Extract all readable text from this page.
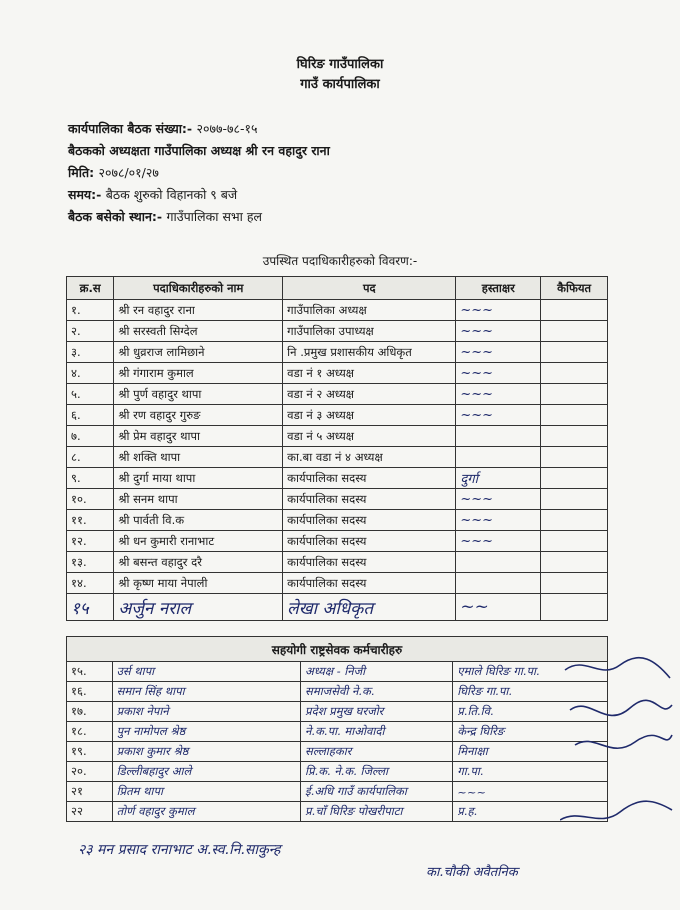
घिरिङ गाउँपालिका
गाउँ कार्यपालिका
कार्यपालिका बैठक संख्या:- २०७७-७८-१५
बैठकको अध्यक्षता गाउँपालिका अध्यक्ष श्री रन वहादुर राना
मिति: २०७८/०१/२७
समय:- बैठक शुरुको विहानको ९ बजे
बैठक बसेको स्थान:- गाउँपालिका सभा हल
उपस्थित पदाधिकारीहरुको विवरण:-
क्र.स	पदाधिकारीहरुको नाम	पद	हस्ताक्षर	कैफियत
१.	श्री रन वहादुर राना	गाउँपालिका अध्यक्ष	~~~	
२.	श्री सरस्वती सिग्देल	गाउँपालिका उपाध्यक्ष	~~~	
३.	श्री धुव्रराज लामिछाने	नि .प्रमुख प्रशासकीय अधिकृत	~~~	
४.	श्री गंगाराम कुमाल	वडा नं १ अध्यक्ष	~~~	
५.	श्री पुर्ण वहादुर थापा	वडा नं २ अध्यक्ष	~~~	
६.	श्री रण वहादुर गुरुङ	वडा नं ३ अध्यक्ष	~~~	
७.	श्री प्रेम वहादुर थापा	वडा नं ५ अध्यक्ष		
८.	श्री शक्ति थापा	का.बा वडा नं ४ अध्यक्ष		
९.	श्री दुर्गा माया थापा	कार्यपालिका सदस्य	दुर्गा	
१०.	श्री सनम थापा	कार्यपालिका सदस्य	~~~	
११.	श्री पार्वती वि.क	कार्यपालिका सदस्य	~~~	
१२.	श्री धन कुमारी रानाभाट	कार्यपालिका सदस्य	~~~	
१३.	श्री बसन्त वहादुर दरै	कार्यपालिका सदस्य		
१४.	श्री कृष्ण माया नेपाली	कार्यपालिका सदस्य		
१५	अर्जुन नराल	लेखा अधिकृत	~~	
सहयोगी राष्ट्रसेवक कर्मचारीहरु			
१५.	उर्स थापा	अध्यक्ष - निजी	एमाले घिरिङ गा.पा.
१६.	समान सिंह थापा	समाजसेवी ने.क.	घिरिङ गा.पा.
१७.	प्रकाश नेपाने	प्रदेश प्रमुख घरजोर	प्र.ति.वि.
१८.	पुन नामोपल श्रेष्ठ	ने.क.पा. माओवादी	केन्द्र घिरिङ
१९.	प्रकाश कुमार श्रेष्ठ	सल्लाहकार	मिनाक्षा
२०.	डिल्लीबहादुर आले	प्रि.क. ने.क. जिल्ला	गा.पा.
२१	प्रितम थापा	ई.अधि गाउँ कार्यपालिका	~~~
२२	तोर्ण वहादुर कुमाल	प्र.चाँ घिरिङ पोखरीपाटा	प्र.ह.
२३ मन प्रसाद रानाभाट अ.स्व.नि.साकुन्ह
का.चौकी अवैतनिक
